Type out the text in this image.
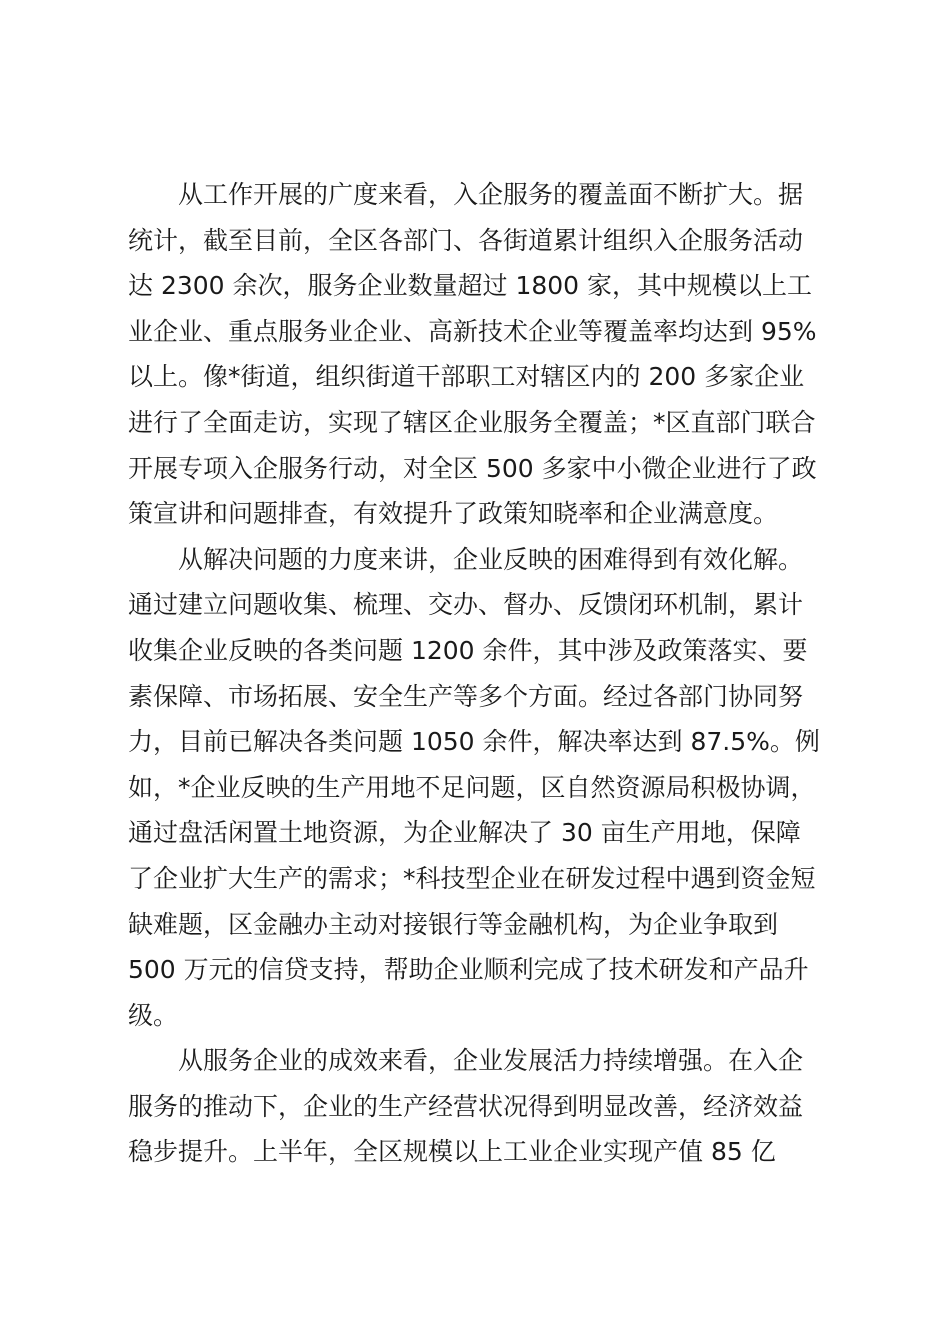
从工作开展的广度来看，入企服务的覆盖面不断扩大。据
统计，截至目前，全区各部门、各街道累计组织入企服务活动
达 2300 余次，服务企业数量超过 1800 家，其中规模以上工
业企业、重点服务业企业、高新技术企业等覆盖率均达到 95%
以上。像*街道，组织街道干部职工对辖区内的 200 多家企业
进行了全面走访，实现了辖区企业服务全覆盖；*区直部门联合
开展专项入企服务行动，对全区 500 多家中小微企业进行了政
策宣讲和问题排查，有效提升了政策知晓率和企业满意度。
从解决问题的力度来讲，企业反映的困难得到有效化解。
通过建立问题收集、梳理、交办、督办、反馈闭环机制，累计
收集企业反映的各类问题 1200 余件，其中涉及政策落实、要
素保障、市场拓展、安全生产等多个方面。经过各部门协同努
力，目前已解决各类问题 1050 余件，解决率达到 87.5%。例
如，*企业反映的生产用地不足问题，区自然资源局积极协调，
通过盘活闲置土地资源，为企业解决了 30 亩生产用地，保障
了企业扩大生产的需求；*科技型企业在研发过程中遇到资金短
缺难题，区金融办主动对接银行等金融机构，为企业争取到
500 万元的信贷支持，帮助企业顺利完成了技术研发和产品升
级。
从服务企业的成效来看，企业发展活力持续增强。在入企
服务的推动下，企业的生产经营状况得到明显改善，经济效益
稳步提升。上半年，全区规模以上工业企业实现产值 85 亿
